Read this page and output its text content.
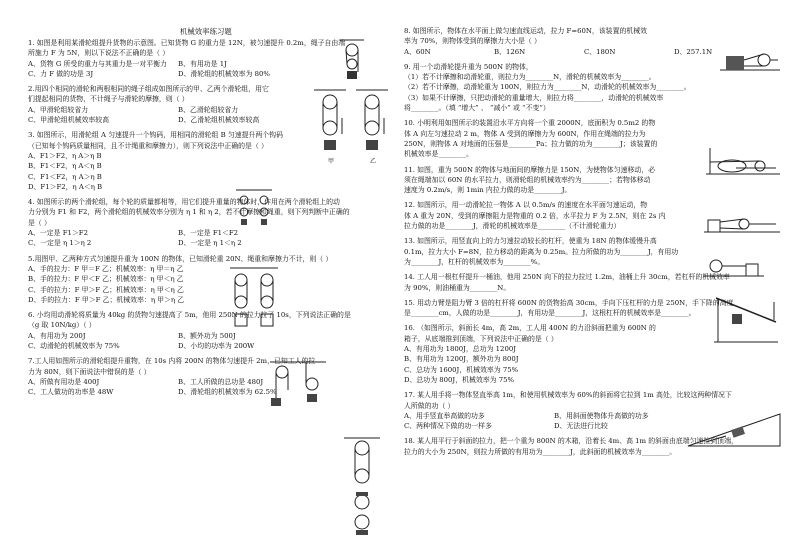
机械效率练习题
1. 如图是利用某滑轮组提升货物的示意图。已知货物 G 的重力是 12N，被匀速提升 0.2m，绳子自由端
所施力 F 为 5N，则以下说法不正确的是（ ）
A、货物 G 所受的重力与其重力是一对平衡力	B、有用功是 1J
C、力 F 做的功是 3J	D、滑轮组的机械效率为 80%
2.用四个相同的滑轮和两根相同的绳子组成如图所示的甲、乙两个滑轮组，用它
们提起相同的货物，不计绳子与滑轮的摩擦，则（ ）
A、甲滑轮组较省力	B、乙滑轮组较省力
C、甲滑轮组机械效率较高	D、乙滑轮组机械效率较高
3. 如图所示，用滑轮组 A 匀速提升一个钩码，用相同的滑轮组 B 匀速提升两个钩码
（已知每个钩码质量相同，且不计绳重和摩擦力），则下列说法中正确的是（ ）
A、F1＞F2，η A＞η B
B、F1＜F2，η A＜η B
C、F1＜F2，η A＞η B
D、F1＞F2，η A＜η B
4. 如图所示的两个滑轮组，每个轮的质量都相等，用它们提升重量的物体时，作用在两个滑轮组上的动
力分别为 F1 和 F2，两个滑轮组的机械效率分别为 η 1 和 η 2，若不计摩擦和绳重，则下列判断中正确的
是（ ）
A、一定是 F1＞F2	B、一定是 F1＜F2
C、一定是 η 1＞η 2	D、一定是 η 1＜η 2
5.用图甲、乙两种方式匀速提升重为 100N 的物体，已知滑轮重 20N、绳重和摩擦力不计，则（ ）
A、手的拉力：F 甲＝F 乙；机械效率：η 甲＝η 乙
B、手的拉力：F 甲＜F 乙；机械效率：η 甲＜η 乙
C、手的拉力：F 甲＞F 乙；机械效率：η 甲＜η 乙
D、手的拉力：F 甲＞F 乙；机械效率：η 甲＞η 乙
6. 小均用动滑轮将质量为 40kg 的货物匀速提高了 5m，他用 250N 的拉力拉了 10s，下列说法正确的是
（g 取 10N/kg）（ ）
A、有用功为 200J	B、额外功为 500J
C、动滑轮的机械效率为 75%	D、小均的功率为 200W
7.工人用如图所示的滑轮组提升重物，在 10s 内将 200N 的物体匀速提升 2m，已知工人的拉
力为 80N，则下面说法中错误的是（ ）
A、所做有用功是 400J	B、工人所做的总功是 480J
C、工人做功的功率是 48W	D、滑轮组的机械效率为 62.5%
8. 如图所示，物体在水平面上做匀速直线运动，拉力 F=60N，该装置的机械效
率为 70%，则物体受到的摩擦力大小是（ ）
A、60N	B、126N	C、180N	D、257.1N
9. 用一个动滑轮提升重为 500N 的物体，
（1）若不计摩擦和动滑轮重，则拉力为________N，滑轮的机械效率为________。
（2）若不计摩擦，动滑轮重为 100N，则拉力为________N，动滑轮的机械效率为________。
（3）如果不计摩擦，只把动滑轮的重量增大，则拉力将________，动滑轮的机械效率
将________。（填 “增大” 、 “减小” 或 “不变”）
10. 小明利用如图所示的装置沿水平方向将一个重 2000N，底面积为 0.5m2 的物
体 A 向左匀速拉动 2 m，物体 A 受到的摩擦力为 600N，作用在绳端的拉力为
250N，则物体 A 对地面的压强是________Pa；拉力做的功为________J；该装置的
机械效率是________。
11. 如图，重为 500N 的物体与地面间的摩擦力是 150N，为使物体匀速移动，必
须在绳端加以 60N 的水平拉力，则滑轮组的机械效率约为________；若物体移动
速度为 0.2m/s，则 1min 内拉力做的功是________J。
12. 如图所示，用一动滑轮拉一物体 A 以 0.5m/s 的速度在水平面匀速运动，物
体 A 重为 20N，受到的摩擦阻力是物重的 0.2 倍，水平拉力 F 为 2.5N，则在 2s 内
拉力做的功是________J，滑轮的机械效率是________（不计滑轮重力）
13. 如图所示，用竖直向上的力匀速拉动较长的杠杆，使重为 18N 的物体缓慢升高
0.1m，拉力大小 F=8N，拉力移动的距离为 0.25m。拉力所做的功为________J，有用功
为________J，杠杆的机械效率为________%。
14. 工人用一根杠杆提升一桶油，他用 250N 向下的拉力拉过 1.2m，油桶上升 30cm，若杠杆的机械效率
为 90%，则油桶重为________N。
15. 用动力臂是阻力臂 3 倍的杠杆将 600N 的货物抬高 30cm，手向下压杠杆的力是 250N，手下降的高度
是________cm，人做的功是________J，有用功是________J，这根杠杆的机械效率是________。
16. （如图所示，斜面长 4m，高 2m，工人用 400N 的力沿斜面把重为 600N 的
箱子，从底端推到顶端，下列说法中正确的是（ ）
A、有用功为 1800J，总功为 1200J
B、有用功为 1200J，额外功为 800J
C、总功为 1600J，机械效率为 75%
D、总功为 800J，机械效率为 75%
17. 某人用手将一物体竖直举高 1m，和使用机械效率为 60%的斜面将它拉到 1m 高处，比较这两种情况下
人所做的功（ ）
A、用手竖直举高做的功多	B、用斜面使物体升高做的功多
C、两种情况下做的功一样多	D、无法进行比较
18. 某人用平行于斜面的拉力，把一个重为 800N 的木箱，沿着长 4m、高 1m 的斜面由底端匀速拉到顶端，
拉力的大小为 250N，则拉力所做的有用功为________J，此斜面的机械效率为________。
甲	乙
